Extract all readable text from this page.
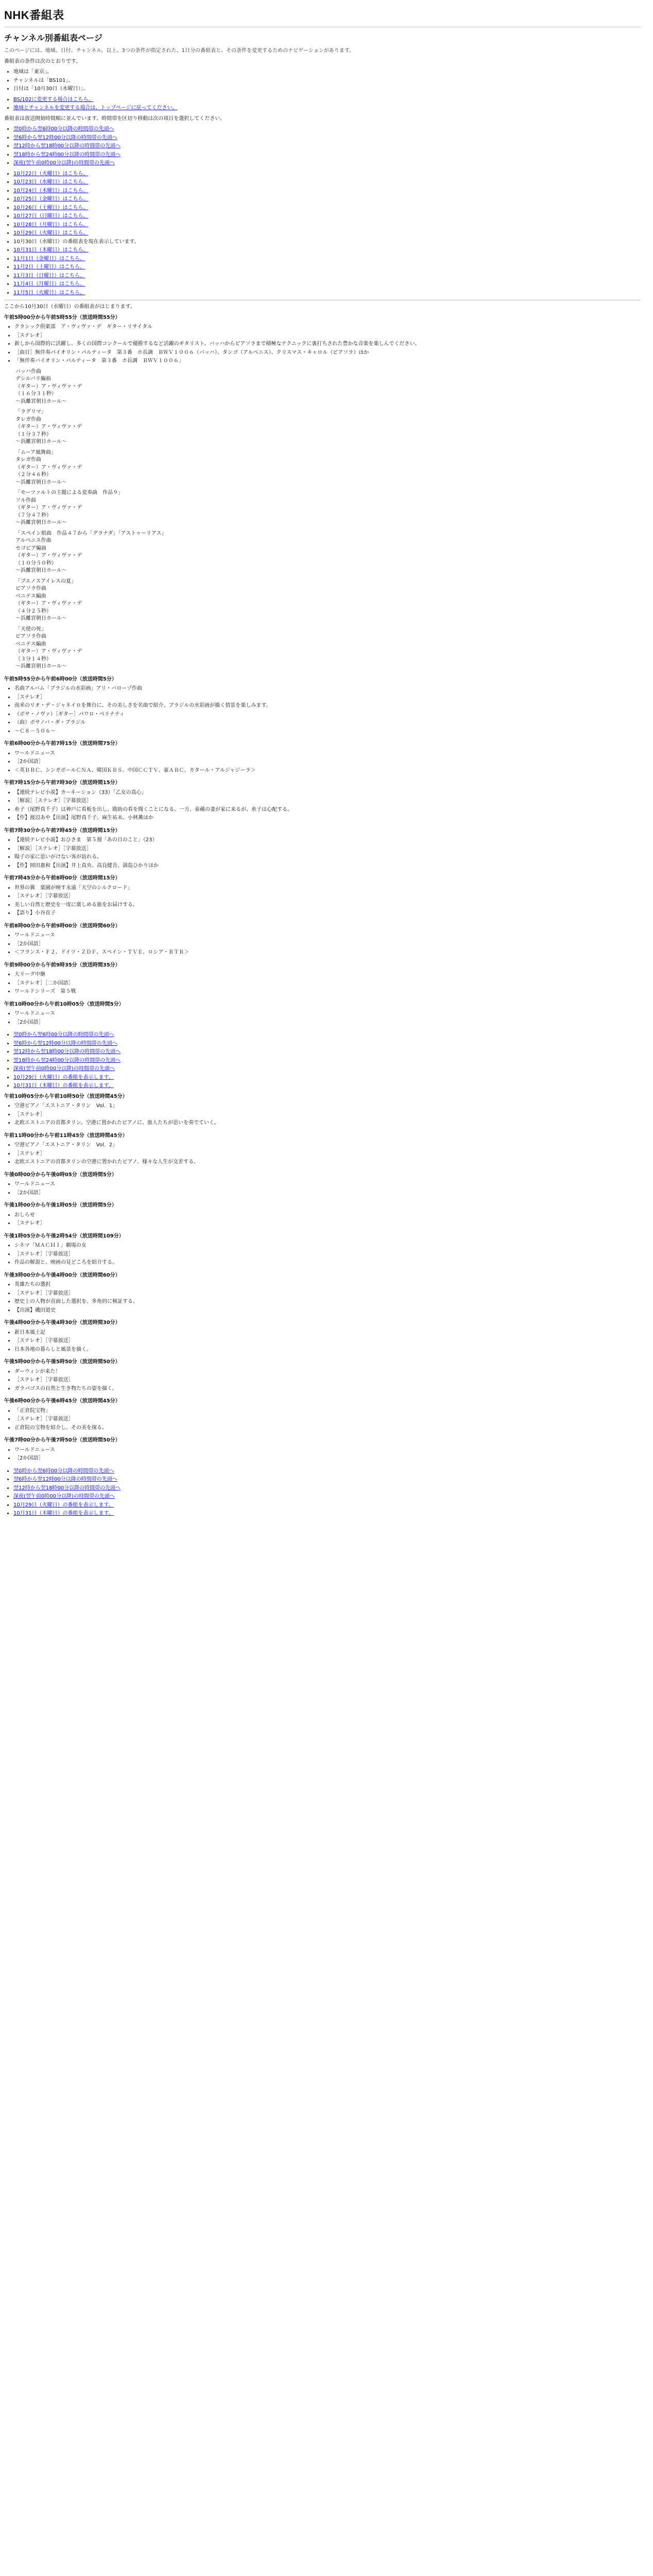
NHK番組表
チャンネル別番組表ページ
このページには、地域、日付、チャンネル、以上、3つの条件が指定された、1日分の番組表と、その条件を変更するためのナビゲーションがあります。
番組表の条件は次のとおりです。
• 地域は「東京」。
• チャンネルは「BS101」。
• 日付は「10月30日（水曜日）」。
• BS/102に変更する場合はこちら。
• 地域とチャンネルを変更する場合は、トップページに戻ってください。
番組表は放送開始時間順に並んでいます。時間帯を区切り移動は次の項目を選択してください。
• 翌0時から翌6時00分以降の時間帯の先頭へ
• 翌6時から翌12時00分以降の時間帯の先頭へ
• 翌12時から翌18時00分以降の時間帯の先頭へ
• 翌18時から翌24時00分以降の時間帯の先頭へ
• 深夜(翌午前0時00分以降)の時間帯の先頭へ
• 10月22日（火曜日）はこちら。
• 10月23日（水曜日）はこちら。
• 10月24日（木曜日）はこちら。
• 10月25日（金曜日）はこちら。
• 10月26日（土曜日）はこちら。
• 10月27日（日曜日）はこちら。
• 10月28日（月曜日）はこちら。
• 10月29日（火曜日）はこちら。
• 10月30日（水曜日）の番組表を現在表示しています。
• 10月31日（木曜日）はこちら。
• 11月1日（金曜日）はこちら。
• 11月2日（土曜日）はこちら。
• 11月3日（日曜日）はこちら。
• 11月4日（月曜日）はこちら。
• 11月5日（火曜日）はこちら。
ここから10月30日（水曜日）の番組表がはじまります。
午前5時00分から午前5時55分（放送時間55分）
• クラシック倶楽部　ア・ヴィヴァ・デ　ギター・リサイタル
• ［ステレオ］
• 新しから国際的に活躍し、多くの国際コンクールで優勝するなど活躍のギタリスト。バッハからピアソラまで積極なテクニックに裏打ちされた豊かな音楽を楽しんでください。
• ［曲目］無伴奏パイオリン・パルティータ　第３番　ホ長調　ＢＷＶ１００６（バッハ）、タンゴ（アルベニス）、クリスマス・キャロル（ピアソラ）ほか
• 「無伴奏バイオリン・パルティータ　第３番　ホ長調　ＢＷＶ１００６」
バッハ作曲
デシルバリ編曲
（ギター）ア・ヴィヴァ・デ
（１６分３１秒）
～浜離宮朝日ホール～
「ラグリマ」
タレガ作曲
（ギター）ア・ヴィヴァ・デ
（１分３７秒）
～浜離宮朝日ホール～
「ムーア風舞曲」
タレガ作曲
（ギター）ア・ヴィヴァ・デ
（２分４６秒）
～浜離宮朝日ホール～
「モーツァルトの主題による変奏曲　作品９」
ソル作曲
（ギター）ア・ヴィヴァ・デ
（７分４７秒）
～浜離宮朝日ホール～
「スペイン組曲　作品４７から「グラナダ」「アストゥーリアス」
アルベニス作曲
セゴビア編曲
（ギター）ア・ヴィヴァ・デ
（１０分５０秒）
～浜離宮朝日ホール～
「ブエノスアイレスの夏」
ピアソラ作曲
ベニテス編曲
（ギター）ア・ヴィヴァ・デ
（４分２５秒）
～浜離宮朝日ホール～
「天使の死」
ピアソラ作曲
ベニテス編曲
（ギター）ア・ヴィヴァ・デ
（３分１４秒）
～浜離宮朝日ホール～
午前5時55分から午前6時00分（放送時間5分）
• 名曲アルバム「ブラジルの水彩画」アリ・バローゾ作曲
• ［ステレオ］
• 南米のリオ・デ・ジャネイロを舞台に、その美しさを名曲で紹介。ブラジルの水彩画が描く情景を楽しみます。
• （ボサ・ノヴァ）［ギター］パウロ・ベリナティ
• （曲）ボサノバ・ダ・ブラジル
• ～Ｃ８－５０６～
午前6時00分から午前7時15分（放送時間75分）
• ワールドニュース
• ［2か国語］
• ＜英ＢＢＣ、シンガポールＣＮＡ、韓国ＫＢＳ、中国ＣＣＴＶ、豪ＡＢＣ、カタール・アルジャジーラ＞
午前7時15分から午前7時30分（放送時間15分）
• 【連続テレビ小説】カーネーション（33）「乙女の真心」
• ［解説］［ステレオ］［字幕放送］
• 糸子（尾野真千子）は神戸に看板を出し、勘助の看を聞くことになる。一方、泰蔵の妻が家に来るが、糸子は心配する。
• 【作】渡辺あや【出演】尾野真千子、麻生祐未、小林薫ほか
午前7時30分から午前7時45分（放送時間15分）
• 【連続テレビ小説】おひさま　第５週「あの日のこと」（23）
• ［解説］［ステレオ］［字幕放送］
• 陽子の家に思いがけない客が訪れる。
• 【作】岡田惠和【出演】井上真央、高良健吾、満島ひかりほか
午前7時45分から午前8時00分（放送時間15分）
• 世界の翼　楽園が映す永遠「天空のシルクロード」
• ［ステレオ］［字幕放送］
• 美しい自然と歴史を一度に楽しめる旅をお届けする。
• 【語り】小谷直子
午前8時00分から午前9時00分（放送時間60分）
• ワールドニュース
• ［2か国語］
• ＜フランス・Ｆ２、ドイツ・ＺＤＦ、スペイン・ＴＶＥ、ロシア・ＲＴＲ＞
午前9時00分から午前9時35分（放送時間35分）
• 大リーグ中継
• ［ステレオ］［二か国語］
• ワールドシリーズ　第５戦
午前10時00分から午前10時05分（放送時間5分）
• ワールドニュース
• ［2か国語］
• 翌0時から翌6時00分以降の時間帯の先頭へ
• 翌6時から翌12時00分以降の時間帯の先頭へ
• 翌12時から翌18時00分以降の時間帯の先頭へ
• 翌18時から翌24時00分以降の時間帯の先頭へ
• 深夜(翌午前0時00分以降)の時間帯の先頭へ
• 10月29日（火曜日）の番組を表示します。
• 10月31日（木曜日）の番組を表示します。
午前10時05分から午前10時50分（放送時間45分）
• 空港ピアノ「エストニア・タリン　Vol．1」
• ［ステレオ］
• 北欧エストニアの首都タリン。空港に置かれたピアノに、旅人たちが思いを奏でていく。
午前11時00分から午前11時45分（放送時間45分）
• 空港ピアノ「エストニア・タリン　Vol．2」
• ［ステレオ］
• 北欧エストニアの首都タリンの空港に置かれたピアノ。様々な人生が交差する。
午後0時00分から午後0時05分（放送時間5分）
• ワールドニュース
• ［2か国語］
午後1時00分から午後1時05分（放送時間5分）
• おしらせ
• ［ステレオ］
午後1時05分から午後2時54分（放送時間109分）
• シネマ「ＭＡＣＨＩ」劇場の女
• ［ステレオ］［字幕放送］
• 作品の解説と、映画の見どころを紹介する。
午後3時00分から午後4時00分（放送時間60分）
• 英雄たちの選択
• ［ステレオ］［字幕放送］
• 歴史上の人物が直面した選択を、多角的に検証する。
• 【出演】磯田道史
午後4時00分から午後4時30分（放送時間30分）
• 新日本風土記
• ［ステレオ］［字幕放送］
• 日本各地の暮らしと風景を描く。
午後5時00分から午後5時50分（放送時間50分）
• ダーウィンが来た！
• ［ステレオ］［字幕放送］
• ガラパゴスの自然と生き物たちの姿を描く。
午後6時00分から午後6時45分（放送時間45分）
• 「正倉院宝物」
• ［ステレオ］［字幕放送］
• 正倉院の宝物を紹介し、その美を探る。
午後7時00分から午後7時50分（放送時間50分）
• ワールドニュース
• ［2か国語］
• 翌0時から翌6時00分以降の時間帯の先頭へ
• 翌6時から翌12時00分以降の時間帯の先頭へ
• 翌12時から翌18時00分以降の時間帯の先頭へ
• 深夜(翌午前0時00分以降)の時間帯の先頭へ
• 10月29日（火曜日）の番組を表示します。
• 10月31日（木曜日）の番組を表示します。
